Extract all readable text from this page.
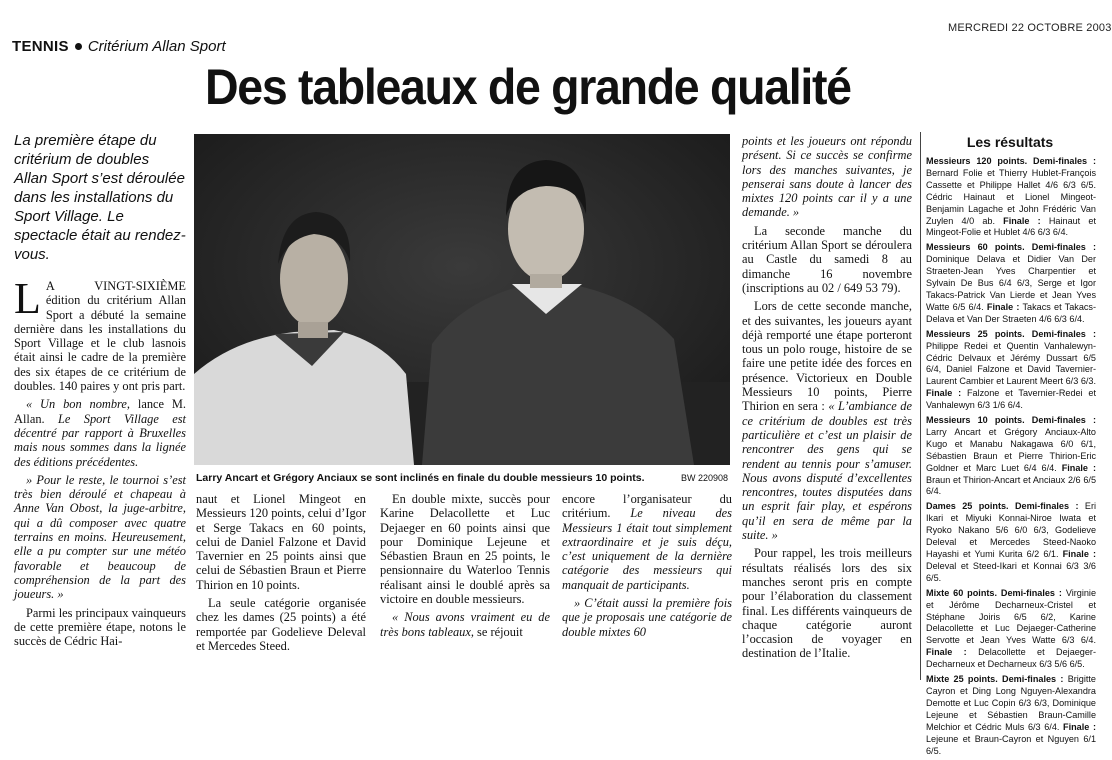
MERCREDI 22 OCTOBRE 2003
TENNIS Critérium Allan Sport
Des tableaux de grande qualité
La première étape du critérium de doubles Allan Sport s’est déroulée dans les installations du Sport Village. Le spectacle était au rendez-vous.

L A VINGT-SIXIÈME édition du critérium Allan Sport a débuté la semaine dernière dans les installations du Sport Village et le club lasnois était ainsi le cadre de la première des six étapes de ce critérium de doubles. 140 paires y ont pris part.

« Un bon nombre, lance M. Allan. Le Sport Village est décentré par rapport à Bruxelles mais nous sommes dans la lignée des éditions précédentes.

» Pour le reste, le tournoi s’est très bien déroulé et chapeau à Anne Van Obost, la juge-arbitre, qui a dû composer avec quatre terrains en moins. Heureusement, elle a pu compter sur une météo favorable et beaucoup de compréhension de la part des joueurs. »

Parmi les principaux vainqueurs de cette première étape, notons le succès de Cédric Hai-

Larry Ancart et Grégory Anciaux se sont inclinés en finale du double messieurs 10 points.	BW 220908

naut et Lionel Mingeot en Messieurs 120 points, celui d’Igor et Serge Takacs en 60 points, celui de Daniel Falzone et David Tavernier en 25 points ainsi que celui de Sébastien Braun et Pierre Thirion en 10 points.

La seule catégorie organisée chez les dames (25 points) a été remportée par Godelieve Deleval et Mercedes Steed.

En double mixte, succès pour Karine Delacollette et Luc Dejaeger en 60 points ainsi que pour Dominique Lejeune et Sébastien Braun en 25 points, le pensionnaire du Waterloo Tennis réalisant ainsi le doublé après sa victoire en double messieurs.

« Nous avons vraiment eu de très bons tableaux, se réjouit

encore l’organisateur du critérium. Le niveau des Messieurs 1 était tout simplement extraordinaire et je suis déçu, c’est uniquement de la dernière catégorie des messieurs qui manquait de participants.

» C’était aussi la première fois que je proposais une catégorie de double mixtes 60

points et les joueurs ont répondu présent. Si ce succès se confirme lors des manches suivantes, je penserai sans doute à lancer des mixtes 120 points car il y a une demande. »

La seconde manche du critérium Allan Sport se déroulera au Castle du samedi 8 au dimanche 16 novembre (inscriptions au 02 / 649 53 79).

Lors de cette seconde manche, et des suivantes, les joueurs ayant déjà remporté une étape porteront tous un polo rouge, histoire de se faire une petite idée des forces en présence. Victorieux en Double Messieurs 10 points, Pierre Thirion en sera : « L’ambiance de ce critérium de doubles est très particulière et c’est un plaisir de rencontrer des gens qui se rendent au tennis pour s’amuser. Nous avons disputé d’excellentes rencontres, toutes disputées dans un esprit fair play, et espérons qu’il en sera de même par la suite. »

Pour rappel, les trois meilleurs résultats réalisés lors des six manches seront pris en compte pour l’élaboration du classement final. Les différents vainqueurs de chaque catégorie auront l’occasion de voyager en destination de l’Italie.

Les résultats
Messieurs 120 points. Demi-finales : Bernard Folie et Thierry Hublet-François Cassette et Philippe Hallet 4/6 6/3 6/5. Cédric Hainaut et Lionel Mingeot-Benjamin Lagache et John Frédéric Van Zuylen 4/0 ab. Finale : Hainaut et Mingeot-Folie et Hublet 4/6 6/3 6/4.
Messieurs 60 points. Demi-finales : Dominique Delava et Didier Van Der Straeten-Jean Yves Charpentier et Sylvain De Bus 6/4 6/3, Serge et Igor Takacs-Patrick Van Lierde et Jean Yves Watte 6/5 6/4. Finale : Takacs et Takacs-Delava et Van Der Straeten 4/6 6/3 6/4.
Messieurs 25 points. Demi-finales : Philippe Redei et Quentin Vanhalewyn-Cédric Delvaux et Jérémy Dussart 6/5 6/4, Daniel Falzone et David Tavernier-Laurent Cambier et Laurent Meert 6/3 6/3. Finale : Falzone et Tavernier-Redei et Vanhalewyn 6/3 1/6 6/4.
Messieurs 10 points. Demi-finales : Larry Ancart et Grégory Anciaux-Alto Kugo et Manabu Nakagawa 6/0 6/1, Sébastien Braun et Pierre Thirion-Eric Goldner et Marc Luet 6/4 6/4. Finale : Braun et Thirion-Ancart et Anciaux 2/6 6/5 6/4.
Dames 25 points. Demi-finales : Eri Ikari et Miyuki Konnai-Niroe Iwata et Ryoko Nakano 5/6 6/0 6/3, Godelieve Deleval et Mercedes Steed-Naoko Hayashi et Yumi Kurita 6/2 6/1. Finale : Deleval et Steed-Ikari et Konnai 6/3 3/6 6/5.
Mixte 60 points. Demi-finales : Virginie et Jérôme Decharneux-Cristel et Stéphane Joiris 6/5 6/2, Karine Delacollette et Luc Dejaeger-Catherine Servotte et Jean Yves Watte 6/3 6/4. Finale : Delacollette et Dejaeger-Decharneux et Decharneux 6/3 5/6 6/5.
Mixte 25 points. Demi-finales : Brigitte Cayron et Ding Long Nguyen-Alexandra Demotte et Luc Copin 6/3 6/3, Dominique Lejeune et Sébastien Braun-Camille Melchior et Cédric Muls 6/3 6/4. Finale : Lejeune et Braun-Cayron et Nguyen 6/1 6/5.
